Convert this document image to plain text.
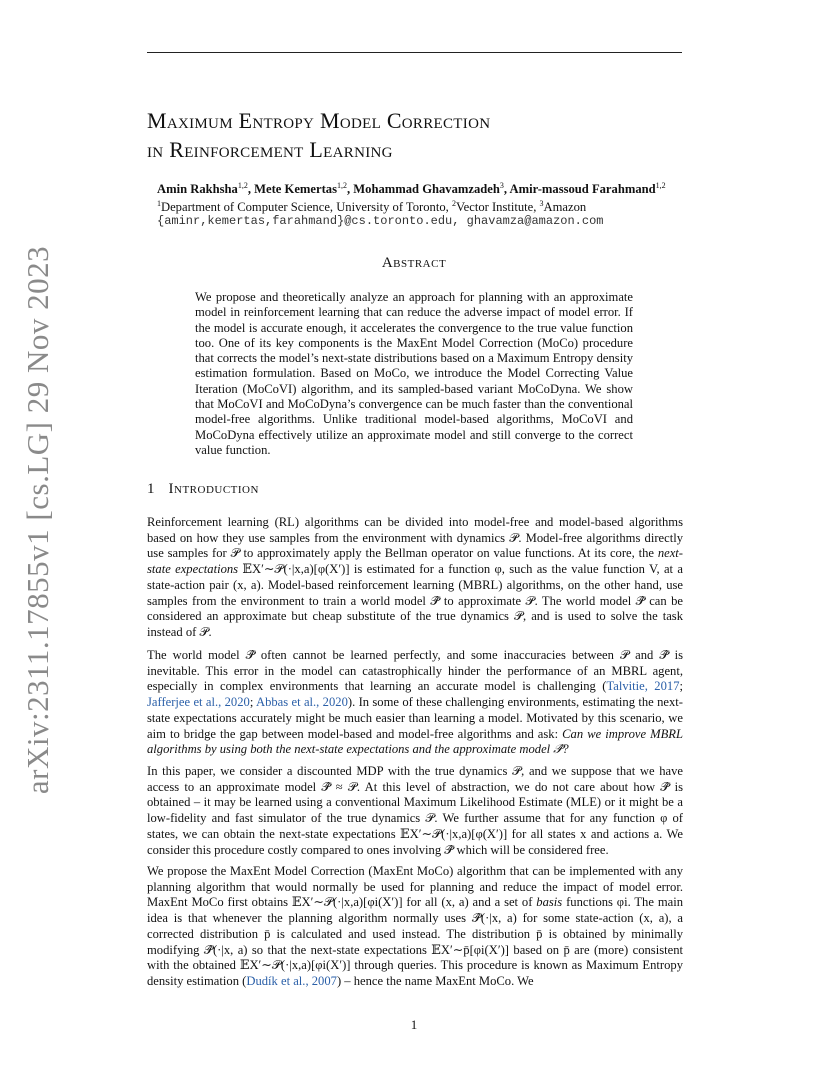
arXiv:2311.17855v1 [cs.LG] 29 Nov 2023
Maximum Entropy Model Correction
in Reinforcement Learning
Amin Rakhsha$^{1,2}$, Mete Kemertas$^{1,2}$, Mohammad Ghavamzadeh$^3$, Amir-massoud Farahmand$^{1,2}$
$^1$Department of Computer Science, University of Toronto, $^2$Vector Institute, $^3$Amazon
{aminr,kemertas,farahmand}@cs.toronto.edu, ghavamza@amazon.com
Abstract
We propose and theoretically analyze an approach for planning with an approximate model in reinforcement learning that can reduce the adverse impact of model error. If the model is accurate enough, it accelerates the convergence to the true value function too. One of its key components is the MaxEnt Model Correction (MoCo) procedure that corrects the model’s next-state distributions based on a Maximum Entropy density estimation formulation. Based on MoCo, we introduce the Model Correcting Value Iteration (MoCoVI) algorithm, and its sampled-based variant MoCoDyna. We show that MoCoVI and MoCoDyna’s convergence can be much faster than the conventional model-free algorithms. Unlike traditional model-based algorithms, MoCoVI and MoCoDyna effectively utilize an approximate model and still converge to the correct value function.
1 Introduction
Reinforcement learning (RL) algorithms can be divided into model-free and model-based algorithms based on how they use samples from the environment with dynamics 𝒫. Model-free algorithms directly use samples for 𝒫 to approximately apply the Bellman operator on value functions. At its core, the next-state expectations 𝔼X′∼𝒫(·|x,a)[φ(X′)] is estimated for a function φ, such as the value function V, at a state-action pair (x, a). Model-based reinforcement learning (MBRL) algorithms, on the other hand, use samples from the environment to train a world model 𝒫̂ to approximate 𝒫. The world model 𝒫̂ can be considered an approximate but cheap substitute of the true dynamics 𝒫, and is used to solve the task instead of 𝒫.
The world model 𝒫̂ often cannot be learned perfectly, and some inaccuracies between 𝒫 and 𝒫̂ is inevitable. This error in the model can catastrophically hinder the performance of an MBRL agent, especially in complex environments that learning an accurate model is challenging (Talvitie, 2017; Jafferjee et al., 2020; Abbas et al., 2020). In some of these challenging environments, estimating the next-state expectations accurately might be much easier than learning a model. Motivated by this scenario, we aim to bridge the gap between model-based and model-free algorithms and ask: Can we improve MBRL algorithms by using both the next-state expectations and the approximate model 𝒫̂?
In this paper, we consider a discounted MDP with the true dynamics 𝒫, and we suppose that we have access to an approximate model 𝒫̂ ≈ 𝒫. At this level of abstraction, we do not care about how 𝒫̂ is obtained – it may be learned using a conventional Maximum Likelihood Estimate (MLE) or it might be a low-fidelity and fast simulator of the true dynamics 𝒫. We further assume that for any function φ of states, we can obtain the next-state expectations 𝔼X′∼𝒫(·|x,a)[φ(X′)] for all states x and actions a. We consider this procedure costly compared to ones involving 𝒫̂ which will be considered free.
We propose the MaxEnt Model Correction (MaxEnt MoCo) algorithm that can be implemented with any planning algorithm that would normally be used for planning and reduce the impact of model error. MaxEnt MoCo first obtains 𝔼X′∼𝒫(·|x,a)[φi(X′)] for all (x, a) and a set of basis functions φi. The main idea is that whenever the planning algorithm normally uses 𝒫̂(·|x, a) for some state-action (x, a), a corrected distribution p̄ is calculated and used instead. The distribution p̄ is obtained by minimally modifying 𝒫̂(·|x, a) so that the next-state expectations 𝔼X′∼p̄[φi(X′)] based on p̄ are (more) consistent with the obtained 𝔼X′∼𝒫(·|x,a)[φi(X′)] through queries. This procedure is known as Maximum Entropy density estimation (Dudík et al., 2007) – hence the name MaxEnt MoCo. We
1
